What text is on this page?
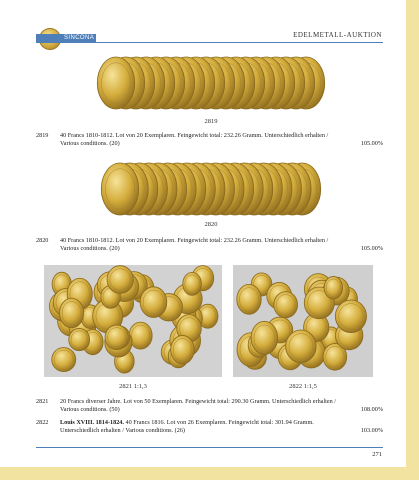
SINCONA	EDELMETALL-AUKTION
2819
2819 40 Francs 1810-1812. Lot von 20 Exemplaren. Feingewicht total: 232.26 Gramm. Unterschiedlich erhalten / Various conditions. (20)	105.00%
2820
2820 40 Francs 1810-1812. Lot von 20 Exemplaren. Feingewicht total: 232.26 Gramm. Unterschiedlich erhalten / Various conditions. (20)	105.00%
2821 1:1,3	2822 1:1,5
2821 20 Francs diverser Jahre. Lot von 50 Exemplaren. Feingewicht total: 290.30 Gramm. Unterschiedlich erhalten / Various conditions. (50)	108.00%
2822 Louis XVIII. 1814-1824. 40 Francs 1816. Lot von 26 Exemplaren. Feingewicht total: 301.94 Gramm. Unterschiedlich erhalten / Various conditions. (26)	103.00%
271
